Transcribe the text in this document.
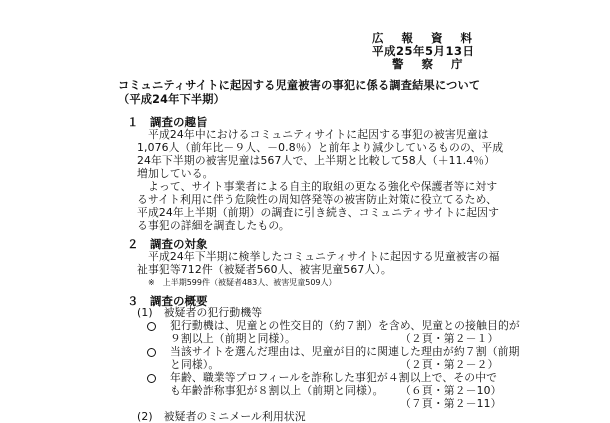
広 報 資 料
平成25年5月13日
警 察 庁
コミュニティサイトに起因する児童被害の事犯に係る調査結果について
（平成24年下半期）
１　調査の趣旨
平成24年中におけるコミュニティサイトに起因する事犯の被害児童は
1,076人（前年比－９人、－0.8％）と前年より減少しているものの、平成
24年下半期の被害児童は567人で、上半期と比較して58人（＋11.4％）
増加している。
よって、サイト事業者による自主的取組の更なる強化や保護者等に対す
るサイト利用に伴う危険性の周知啓発等の被害防止対策に役立てるため、
平成24年上半期（前期）の調査に引き続き、コミュニティサイトに起因す
る事犯の詳細を調査したもの。
２　調査の対象
平成24年下半期に検挙したコミュニティサイトに起因する児童被害の福
祉事犯等712件（被疑者560人、被害児童567人）。
※　上半期599件（被疑者483人、被害児童509人）
３　調査の概要
(1)　被疑者の犯行動機等
犯行動機は、児童との性交目的（約７割）を含め、児童との接触目的が
９割以上（前期と同様）。	（２頁・第２－１）
当該サイトを選んだ理由は、児童が目的に関連した理由が約７割（前期
と同様）。	（２頁・第２－２）
年齢、職業等プロフィールを詐称した事犯が４割以上で、その中で
も年齢詐称事犯が８割以上（前期と同様）。 （６頁・第２－10）
（７頁・第２－11）
(2)　被疑者のミニメール利用状況
